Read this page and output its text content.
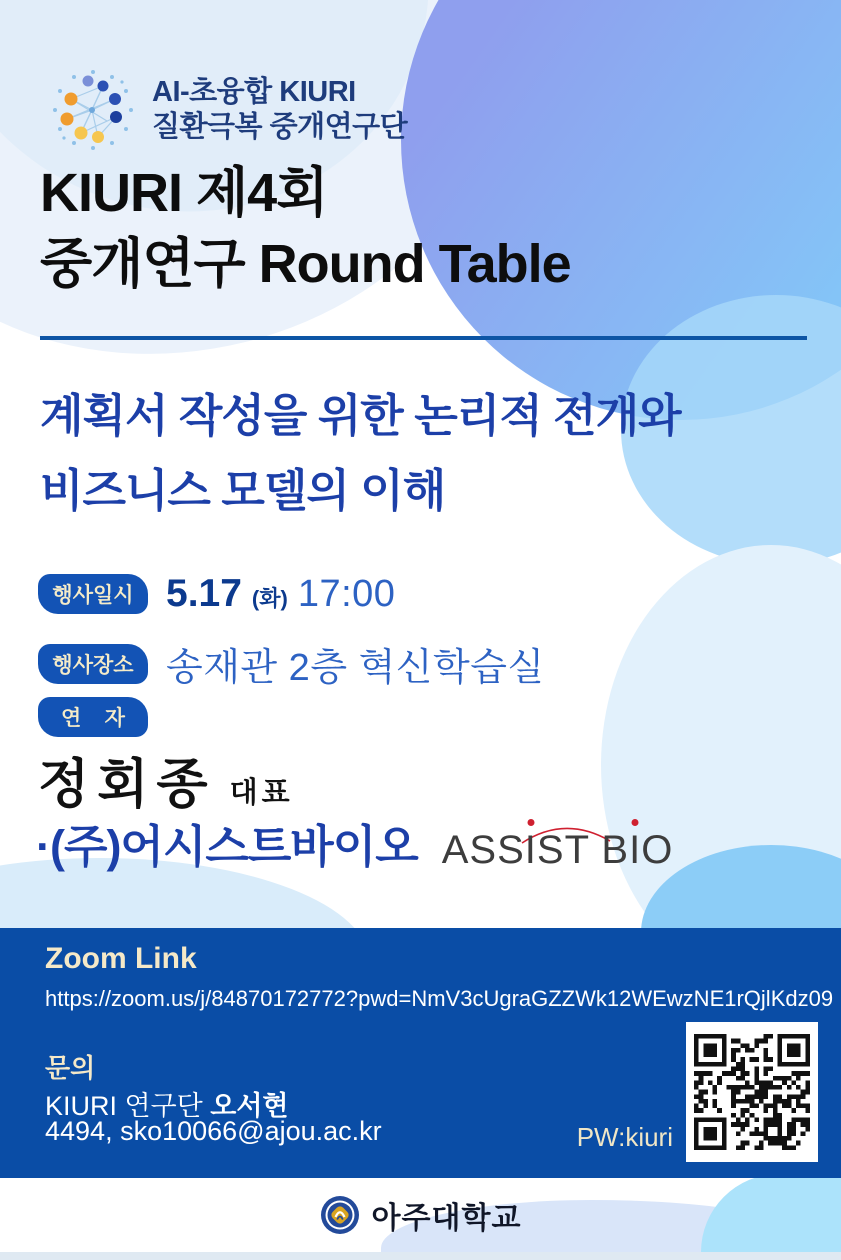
AI-초융합 KIURI
질환극복 중개연구단
KIURI 제4회
중개연구 Round Table
계획서 작성을 위한 논리적 전개와
비즈니스 모델의 이해
행사일시 5.17 (화) 17:00
행사장소 송재관 2층 혁신학습실
연    자
정회종 대표
·(주)어시스트바이오 ASSIST BIO
Zoom Link
https://zoom.us/j/84870172772?pwd=NmV3cUgraGZZWk12WEwzNE1rQjlKdz09
문의
KIURI 연구단 오서현
4494, sko10066@ajou.ac.kr	PW:kiuri
아주대학교
